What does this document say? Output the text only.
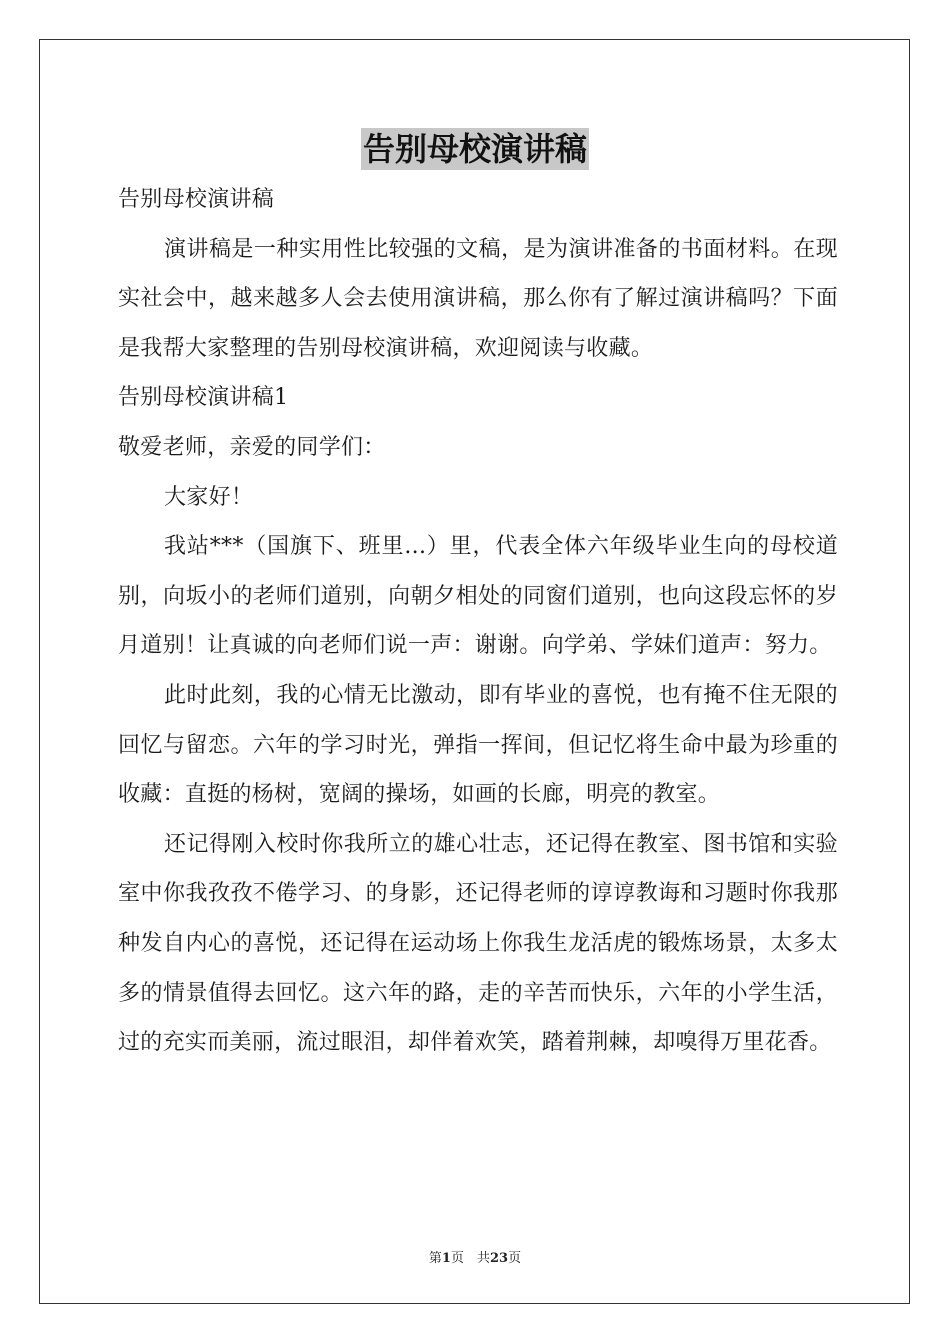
告别母校演讲稿

告别母校演讲稿

演讲稿是一种实用性比较强的文稿，是为演讲准备的书面材料。在现实社会中，越来越多人会去使用演讲稿，那么你有了解过演讲稿吗？下面是我帮大家整理的告别母校演讲稿，欢迎阅读与收藏。

告别母校演讲稿1

敬爱老师，亲爱的同学们：

大家好！

我站***（国旗下、班里...）里，代表全体六年级毕业生向的母校道别，向坂小的老师们道别，向朝夕相处的同窗们道别，也向这段忘怀的岁月道别！让真诚的向老师们说一声：谢谢。向学弟、学妹们道声：努力。

此时此刻，我的心情无比激动，即有毕业的喜悦，也有掩不住无限的回忆与留恋。六年的学习时光，弹指一挥间，但记忆将生命中最为珍重的收藏：直挺的杨树，宽阔的操场，如画的长廊，明亮的教室。

还记得刚入校时你我所立的雄心壮志，还记得在教室、图书馆和实验室中你我孜孜不倦学习、的身影，还记得老师的谆谆教诲和习题时你我那种发自内心的喜悦，还记得在运动场上你我生龙活虎的锻炼场景，太多太多的情景值得去回忆。这六年的路，走的辛苦而快乐，六年的小学生活，过的充实而美丽，流过眼泪，却伴着欢笑，踏着荆棘，却嗅得万里花香。

第1页　共23页
